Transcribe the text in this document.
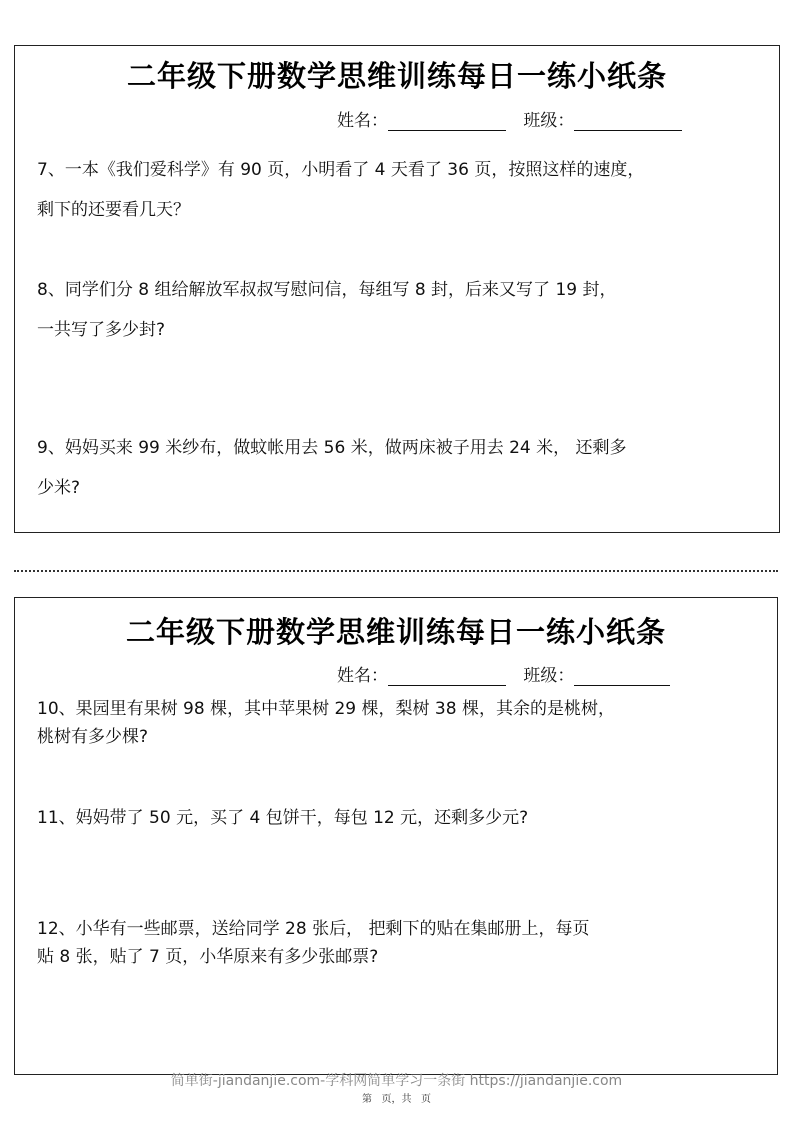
二年级下册数学思维训练每日一练小纸条
姓名：	班级：
7、一本《我们爱科学》有 90 页，小明看了 4 天看了 36 页，按照这样的速度，
剩下的还要看几天？
8、同学们分 8 组给解放军叔叔写慰问信，每组写 8 封，后来又写了 19 封，
一共写了多少封?
9、妈妈买来 99 米纱布，做蚊帐用去 56 米，做两床被子用去 24 米， 还剩多
少米?
二年级下册数学思维训练每日一练小纸条
姓名：	班级：
10、果园里有果树 98 棵，其中苹果树 29 棵，梨树 38 棵，其余的是桃树，
桃树有多少棵?
11、妈妈带了 50 元，买了 4 包饼干，每包 12 元，还剩多少元?
12、小华有一些邮票，送给同学 28 张后， 把剩下的贴在集邮册上，每页
贴 8 张，贴了 7 页，小华原来有多少张邮票?
简单街-jiandanjie.com-学科网简单学习一条街 https://jiandanjie.com
第   页，共   页
